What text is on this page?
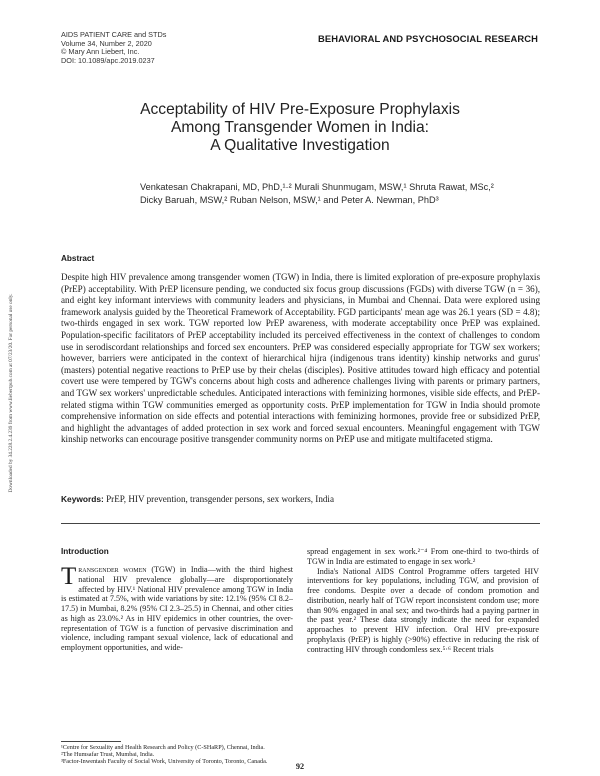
AIDS PATIENT CARE and STDs
Volume 34, Number 2, 2020
© Mary Ann Liebert, Inc.
DOI: 10.1089/apc.2019.0237
BEHAVIORAL AND PSYCHOSOCIAL RESEARCH
Acceptability of HIV Pre-Exposure Prophylaxis
Among Transgender Women in India:
A Qualitative Investigation
Venkatesan Chakrapani, MD, PhD,¹·² Murali Shunmugam, MSW,¹ Shruta Rawat, MSc,²
Dicky Baruah, MSW,² Ruban Nelson, MSW,¹ and Peter A. Newman, PhD³
Downloaded by 34.228.2.4.239 from www.liebertpub.com at 07/23/20. For personal use only.
Abstract

Despite high HIV prevalence among transgender women (TGW) in India, there is limited exploration of pre-exposure prophylaxis (PrEP) acceptability. With PrEP licensure pending, we conducted six focus group discussions (FGDs) with diverse TGW (n = 36), and eight key informant interviews with community leaders and physicians, in Mumbai and Chennai. Data were explored using framework analysis guided by the Theoretical Framework of Acceptability. FGD participants' mean age was 26.1 years (SD = 4.8); two-thirds engaged in sex work. TGW reported low PrEP awareness, with moderate acceptability once PrEP was explained. Population-specific facilitators of PrEP acceptability included its perceived effectiveness in the context of challenges to condom use in serodiscordant relationships and forced sex encounters. PrEP was considered especially appropriate for TGW sex workers; however, barriers were anticipated in the context of hierarchical hijra (indigenous trans identity) kinship networks and gurus' (masters) potential negative reactions to PrEP use by their chelas (disciples). Positive attitudes toward high efficacy and potential covert use were tempered by TGW's concerns about high costs and adherence challenges living with parents or primary partners, and TGW sex workers' unpredictable schedules. Anticipated interactions with feminizing hormones, visible side effects, and PrEP-related stigma within TGW communities emerged as opportunity costs. PrEP implementation for TGW in India should promote comprehensive information on side effects and potential interactions with feminizing hormones, provide free or subsidized PrEP, and highlight the advantages of added protection in sex work and forced sexual encounters. Meaningful engagement with TGW kinship networks can encourage positive transgender community norms on PrEP use and mitigate multifaceted stigma.

Keywords: PrEP, HIV prevention, transgender persons, sex workers, India
Introduction

Transgender women (TGW) in India—with the third highest national HIV prevalence globally—are disproportionately affected by HIV.¹ National HIV prevalence among TGW in India is estimated at 7.5%, with wide variations by site: 12.1% (95% CI 8.2–17.5) in Mumbai, 8.2% (95% CI 2.3–25.5) in Chennai, and other cities as high as 23.0%.² As in HIV epidemics in other countries, the over-representation of TGW is a function of pervasive discrimination and violence, including rampant sexual violence, lack of educational and employment opportunities, and wide-

spread engagement in sex work.²⁻⁴ From one-third to two-thirds of TGW in India are estimated to engage in sex work.²

India's National AIDS Control Programme offers targeted HIV interventions for key populations, including TGW, and provision of free condoms. Despite over a decade of condom promotion and distribution, nearly half of TGW report inconsistent condom use; more than 90% engaged in anal sex; and two-thirds had a paying partner in the past year.² These data strongly indicate the need for expanded approaches to prevent HIV infection. Oral HIV pre-exposure prophylaxis (PrEP) is highly (>90%) effective in reducing the risk of contracting HIV through condomless sex.⁵·⁶ Recent trials

¹Centre for Sexuality and Health Research and Policy (C-SHaRP), Chennai, India.
²The Humsafar Trust, Mumbai, India.
³Factor-Inwentash Faculty of Social Work, University of Toronto, Toronto, Canada.
92
